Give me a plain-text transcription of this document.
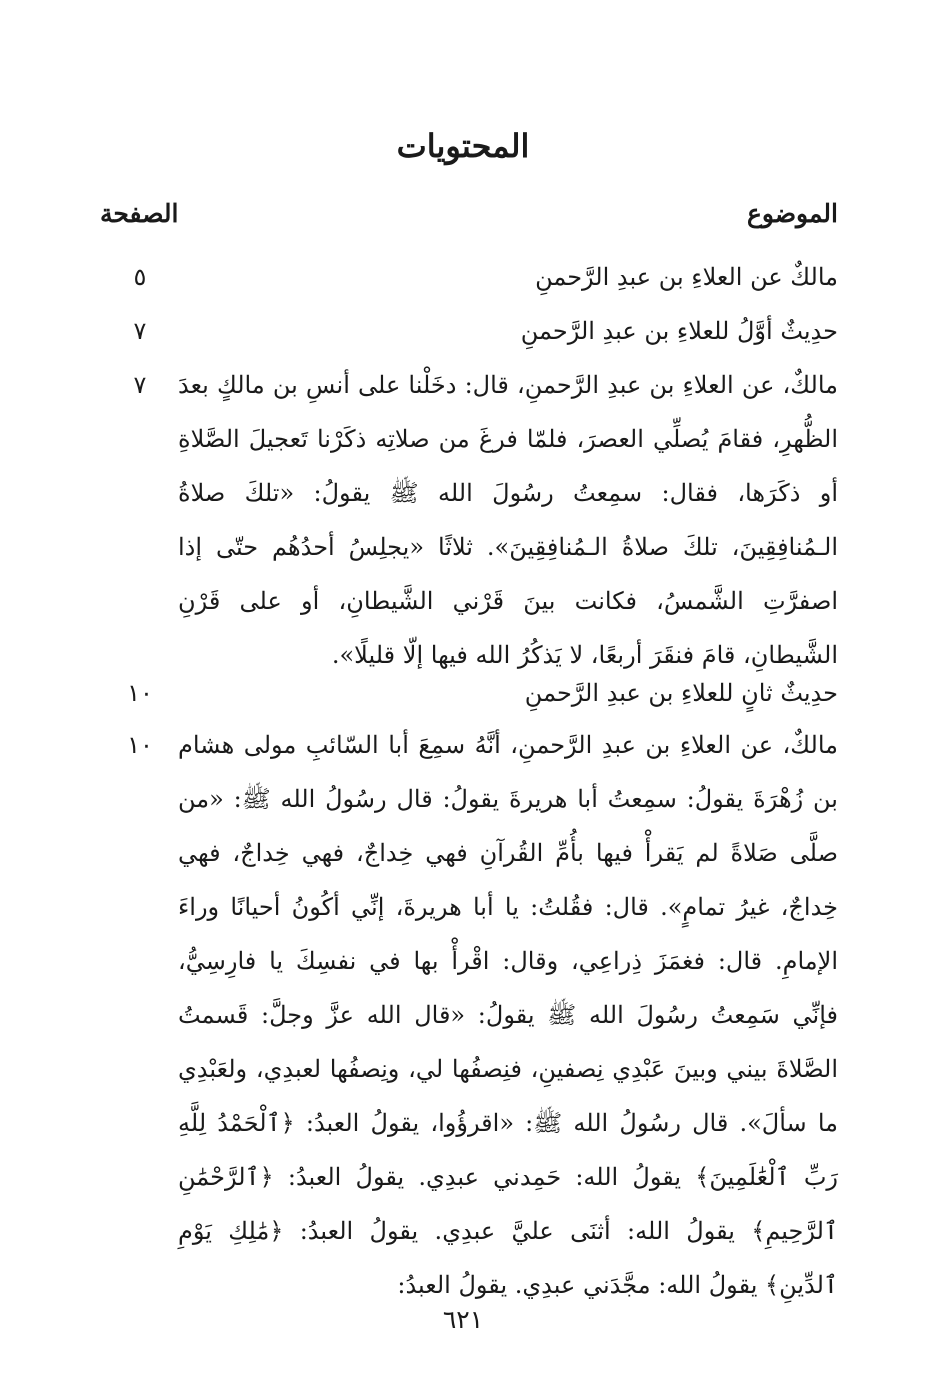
المحتويات
الموضوع
الصفحة
مالكٌ عن العلاءِ بن عبدِ الرَّحمنِ
٥
حدِيثٌ أوَّلُ للعلاءِ بن عبدِ الرَّحمنِ
٧
مالكٌ، عن العلاءِ بن عبدِ الرَّحمنِ، قال: دخَلْنا على أنسِ بن مالكٍ بعدَ الظُّهرِ، فقامَ يُصلِّي العصرَ، فلمّا فرغَ من صلاتِه ذكَرْنا تَعجيلَ الصَّلاةِ أو ذكَرَها، فقال: سمِعتُ رسُولَ الله ﷺ يقولُ: «تلكَ صلاةُ الـمُنافِقِينَ، تلكَ صلاةُ الـمُنافِقِينَ». ثلاثًا «يجلِسُ أحدُهُم حتّى إذا اصفرَّتِ الشَّمسُ، فكانت بينَ قَرْني الشَّيطانِ، أو على قَرْنِ الشَّيطانِ، قامَ فنقَرَ أربعًا، لا يَذكُرُ الله فيها إلّا قليلًا».
٧
حدِيثٌ ثانٍ للعلاءِ بن عبدِ الرَّحمنِ
١٠
مالكٌ، عن العلاءِ بن عبدِ الرَّحمنِ، أنَّهُ سمِعَ أبا السّائبِ مولى هشام بن زُهْرَةَ يقولُ: سمِعتُ أبا هريرةَ يقولُ: قال رسُولُ الله ﷺ: «من صلَّى صَلاةً لم يَقرأْ فيها بأُمِّ القُرآنِ فهي خِداجٌ، فهي خِداجٌ، فهي خِداجٌ، غيرُ تمامٍ». قال: فقُلتُ: يا أبا هريرةَ، إنِّي أكُونُ أحيانًا وراءَ الإمامِ. قال: فغمَزَ ذِراعِي، وقال: اقْرأْ بها في نفسِكَ يا فارِسِيُّ، فإنِّي سَمِعتُ رسُولَ الله ﷺ يقولُ: «قال الله عزَّ وجلَّ: قَسمتُ الصَّلاةَ بيني وبينَ عَبْدِي نِصفينِ، فنِصفُها لي، ونِصفُها لعبدِي، ولعَبْدِي ما سألَ». قال رسُولُ الله ﷺ: «اقرؤُوا، يقولُ العبدُ: ﴿ٱلْحَمْدُ لِلَّهِ رَبِّ ٱلْعَٰلَمِينَ﴾ يقولُ الله: حَمِدني عبدِي. يقولُ العبدُ: ﴿ٱلرَّحْمَٰنِ ٱلرَّحِيمِ﴾ يقولُ الله: أثنَى عليَّ عبدِي. يقولُ العبدُ: ﴿مَٰلِكِ يَوْمِ ٱلدِّينِ﴾ يقولُ الله: مجَّدَني عبدِي. يقولُ العبدُ:
١٠
٦٢١
